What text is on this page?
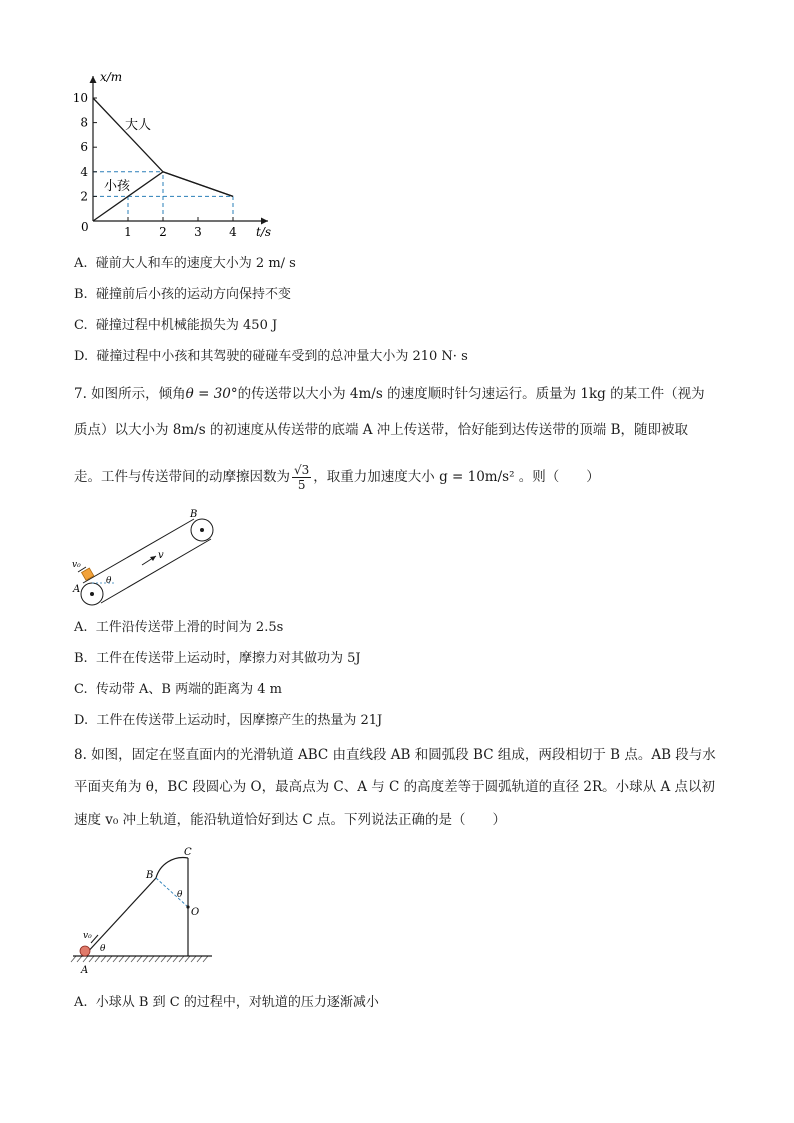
1 2 3 4
2
4
6
8
10
x/m
t/s
0
大人
小孩
A. 碰前大人和车的速度大小为 2 m/ s
B. 碰撞前后小孩的运动方向保持不变
C. 碰撞过程中机械能损失为 450 J
D. 碰撞过程中小孩和其驾驶的碰碰车受到的总冲量大小为 210 N· s
7. 如图所示，倾角θ = 30°的传送带以大小为 4m/s 的速度顺时针匀速运行。质量为 1kg 的某工件（视为
质点）以大小为 8m/s 的初速度从传送带的底端 A 冲上传送带，恰好能到达传送带的顶端 B，随即被取
走。工件与传送带间的动摩擦因数为 $\frac{√3}{5}$ ，取重力加速度大小 g = 10m/s² 。则（　　）
v
v₀
θ
A
B
A. 工件沿传送带上滑的时间为 2.5s
B. 工件在传送带上运动时，摩擦力对其做功为 5J
C. 传动带 A、B 两端的距离为 4 m
D. 工件在传送带上运动时，因摩擦产生的热量为 21J
8. 如图，固定在竖直面内的光滑轨道 ABC 由直线段 AB 和圆弧段 BC 组成，两段相切于 B 点。AB 段与水
平面夹角为 θ，BC 段圆心为 O，最高点为 C、A 与 C 的高度差等于圆弧轨道的直径 2R。小球从 A 点以初
速度 v₀ 冲上轨道，能沿轨道恰好到达 C 点。下列说法正确的是（　　）
v₀
θ
θ
C
B
O
A
A. 小球从 B 到 C 的过程中，对轨道的压力逐渐减小
